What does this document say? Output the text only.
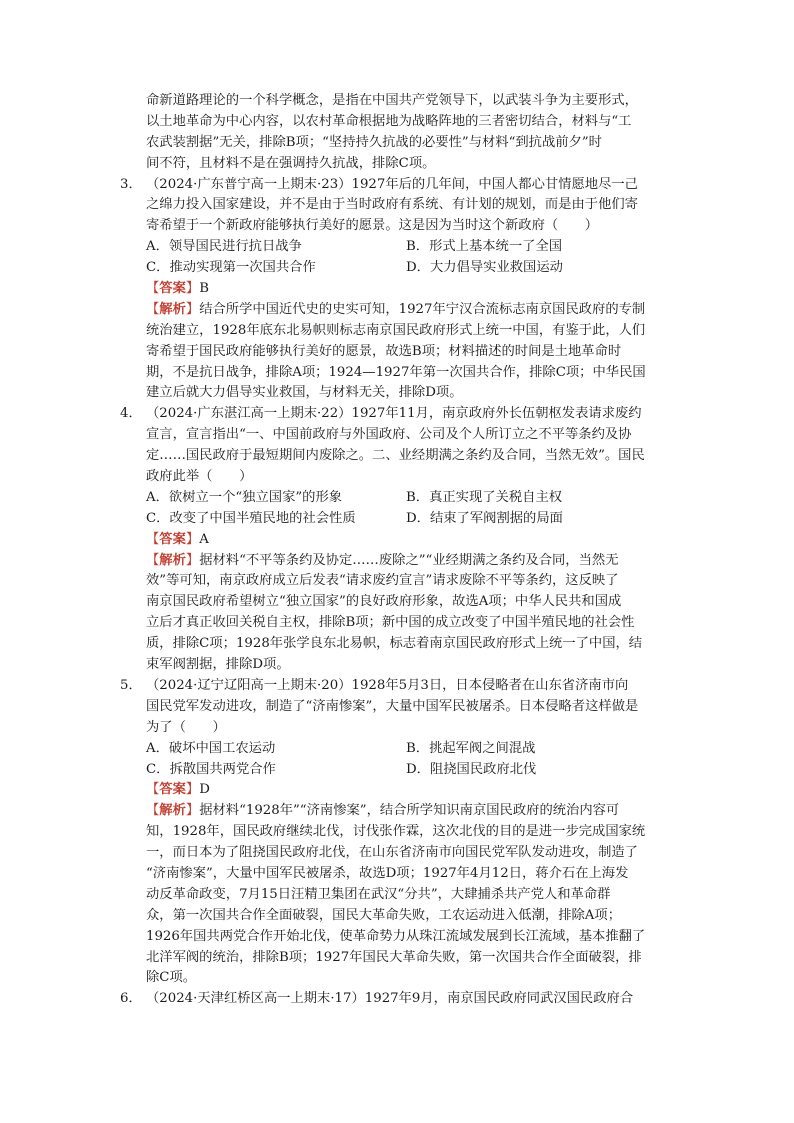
命新道路理论的一个科学概念，是指在中国共产党领导下，以武装斗争为主要形式，
以土地革命为中心内容，以农村革命根据地为战略阵地的三者密切结合，材料与“工
农武装割据”无关，排除B项；“坚持持久抗战的必要性”与材料“到抗战前夕”时
间不符，且材料不是在强调持久抗战，排除C项。
3． （2024·广东普宁高一上期末·23）1927年后的几年间，中国人都心甘情愿地尽一己
之绵力投入国家建设，并不是由于当时政府有系统、有计划的规划，而是由于他们寄
寄希望于一个新政府能够执行美好的愿景。这是因为当时这个新政府（　　）
A．领导国民进行抗日战争	B．形式上基本统一了全国
C．推动实现第一次国共合作	D．大力倡导实业救国运动
【答案】B
【解析】结合所学中国近代史的史实可知，1927年宁汉合流标志南京国民政府的专制
统治建立，1928年底东北易帜则标志南京国民政府形式上统一中国，有鉴于此，人们
寄希望于国民政府能够执行美好的愿景，故选B项；材料描述的时间是土地革命时
期，不是抗日战争，排除A项；1924—1927年第一次国共合作，排除C项；中华民国
建立后就大力倡导实业救国，与材料无关，排除D项。
4． （2024·广东湛江高一上期末·22）1927年11月，南京政府外长伍朝枢发表请求废约
宣言，宣言指出“一、中国前政府与外国政府、公司及个人所订立之不平等条约及协
定……国民政府于最短期间内废除之。二、业经期满之条约及合同，当然无效”。国民
政府此举（　　）
A．欲树立一个“独立国家”的形象	B．真正实现了关税自主权
C．改变了中国半殖民地的社会性质	D．结束了军阀割据的局面
【答案】A
【解析】据材料“不平等条约及协定……废除之”“业经期满之条约及合同，当然无
效”等可知，南京政府成立后发表“请求废约宣言”请求废除不平等条约，这反映了
南京国民政府希望树立“独立国家”的良好政府形象，故选A项；中华人民共和国成
立后才真正收回关税自主权，排除B项；新中国的成立改变了中国半殖民地的社会性
质，排除C项；1928年张学良东北易帜，标志着南京国民政府形式上统一了中国，结
束军阀割据，排除D项。
5． （2024·辽宁辽阳高一上期末·20）1928年5月3日，日本侵略者在山东省济南市向
国民党军发动进攻，制造了“济南惨案”，大量中国军民被屠杀。日本侵略者这样做是
为了（　　）
A．破坏中国工农运动	B．挑起军阀之间混战
C．拆散国共两党合作	D．阻挠国民政府北伐
【答案】D
【解析】据材料“1928年”“济南惨案”，结合所学知识南京国民政府的统治内容可
知，1928年，国民政府继续北伐，讨伐张作霖，这次北伐的目的是进一步完成国家统
一，而日本为了阻挠国民政府北伐，在山东省济南市向国民党军队发动进攻，制造了
“济南惨案”，大量中国军民被屠杀，故选D项；1927年4月12日，蒋介石在上海发
动反革命政变，7月15日汪精卫集团在武汉“分共”，大肆捕杀共产党人和革命群
众，第一次国共合作全面破裂，国民大革命失败，工农运动进入低潮，排除A项；
1926年国共两党合作开始北伐，使革命势力从珠江流域发展到长江流域，基本推翻了
北洋军阀的统治，排除B项；1927年国民大革命失败，第一次国共合作全面破裂，排
除C项。
6． （2024·天津红桥区高一上期末·17）1927年9月，南京国民政府同武汉国民政府合
